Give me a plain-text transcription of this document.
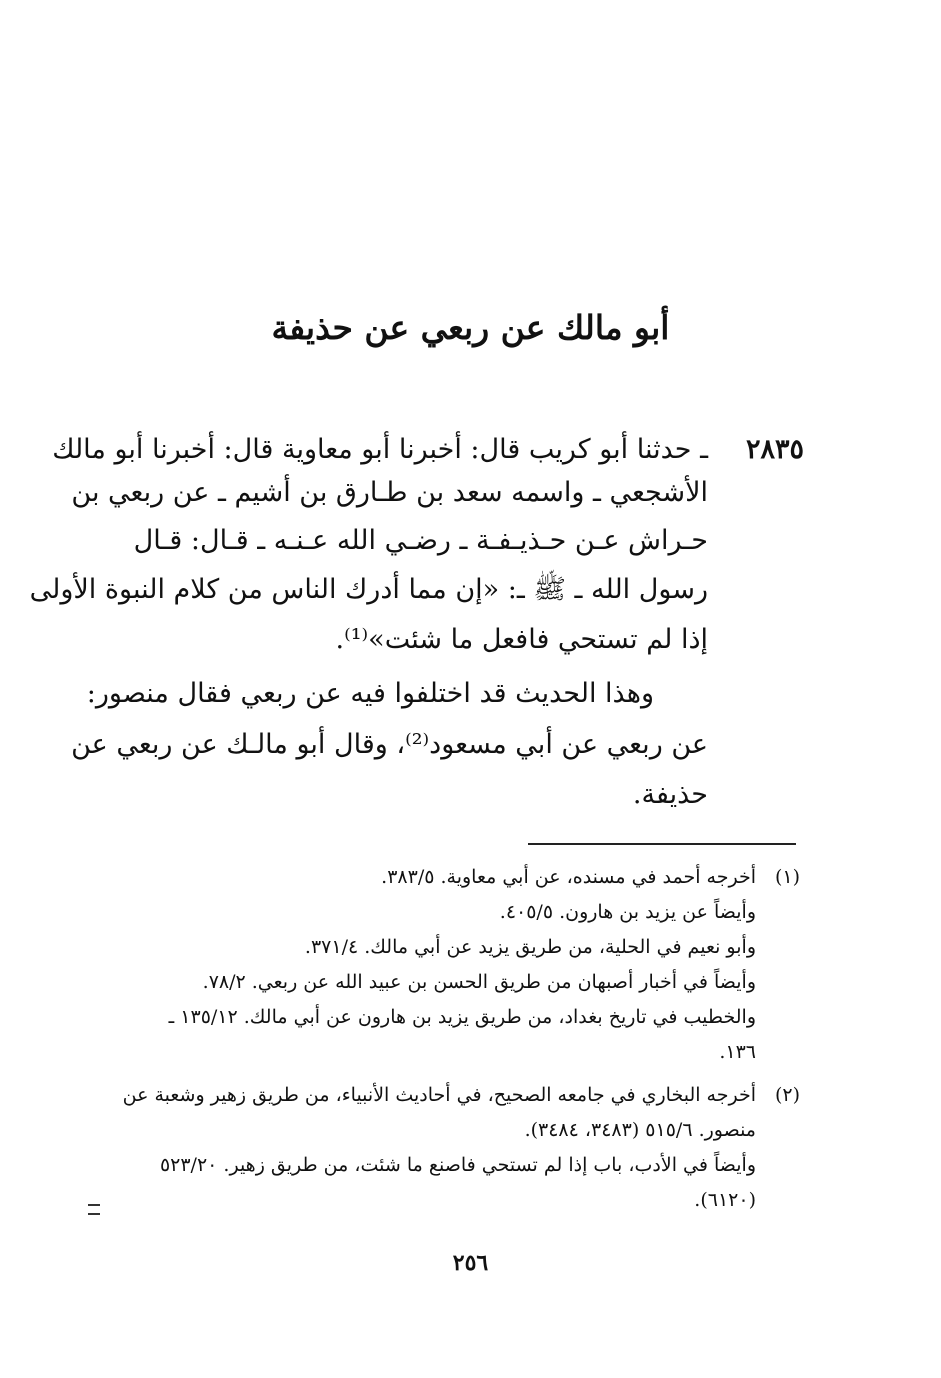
أبو مالك عن ربعي عن حذيفة
٢٨٣٥
ـ حدثنا أبو كريب قال: أخبرنا أبو معاوية قال: أخبرنا أبو مالك
الأشجعي ـ واسمه سعد بن طـارق بن أشيم ـ عن ربعي بن
حـراش عـن حـذيـفـة ـ رضـي الله عـنـه ـ قـال: قـال
رسول الله ـ ﷺ ـ: «إن مما أدرك الناس من كلام النبوة الأولى
إذا لم تستحي فافعل ما شئت»⁽¹⁾.
وهذا الحديث قد اختلفوا فيه عن ربعي فقال منصور:
عن ربعي عن أبي مسعود⁽²⁾، وقال أبو مالـك عن ربعي عن
حذيفة.
(١)
أخرجه أحمد في مسنده، عن أبي معاوية. ٣٨٣/٥.
وأيضاً عن يزيد بن هارون. ٤٠٥/٥.
وأبو نعيم في الحلية، من طريق يزيد عن أبي مالك. ٣٧١/٤.
وأيضاً في أخبار أصبهان من طريق الحسن بن عبيد الله عن ربعي. ٧٨/٢.
والخطيب في تاريخ بغداد، من طريق يزيد بن هارون عن أبي مالك. ١٣٥/١٢ ـ
١٣٦.
(٢)
أخرجه البخاري في جامعه الصحيح، في أحاديث الأنبياء، من طريق زهير وشعبة عن
منصور. ٥١٥/٦ (٣٤٨٣، ٣٤٨٤).
وأيضاً في الأدب، باب إذا لم تستحي فاصنع ما شئت، من طريق زهير. ٥٢٣/٢٠
(٦١٢٠).
٢٥٦
